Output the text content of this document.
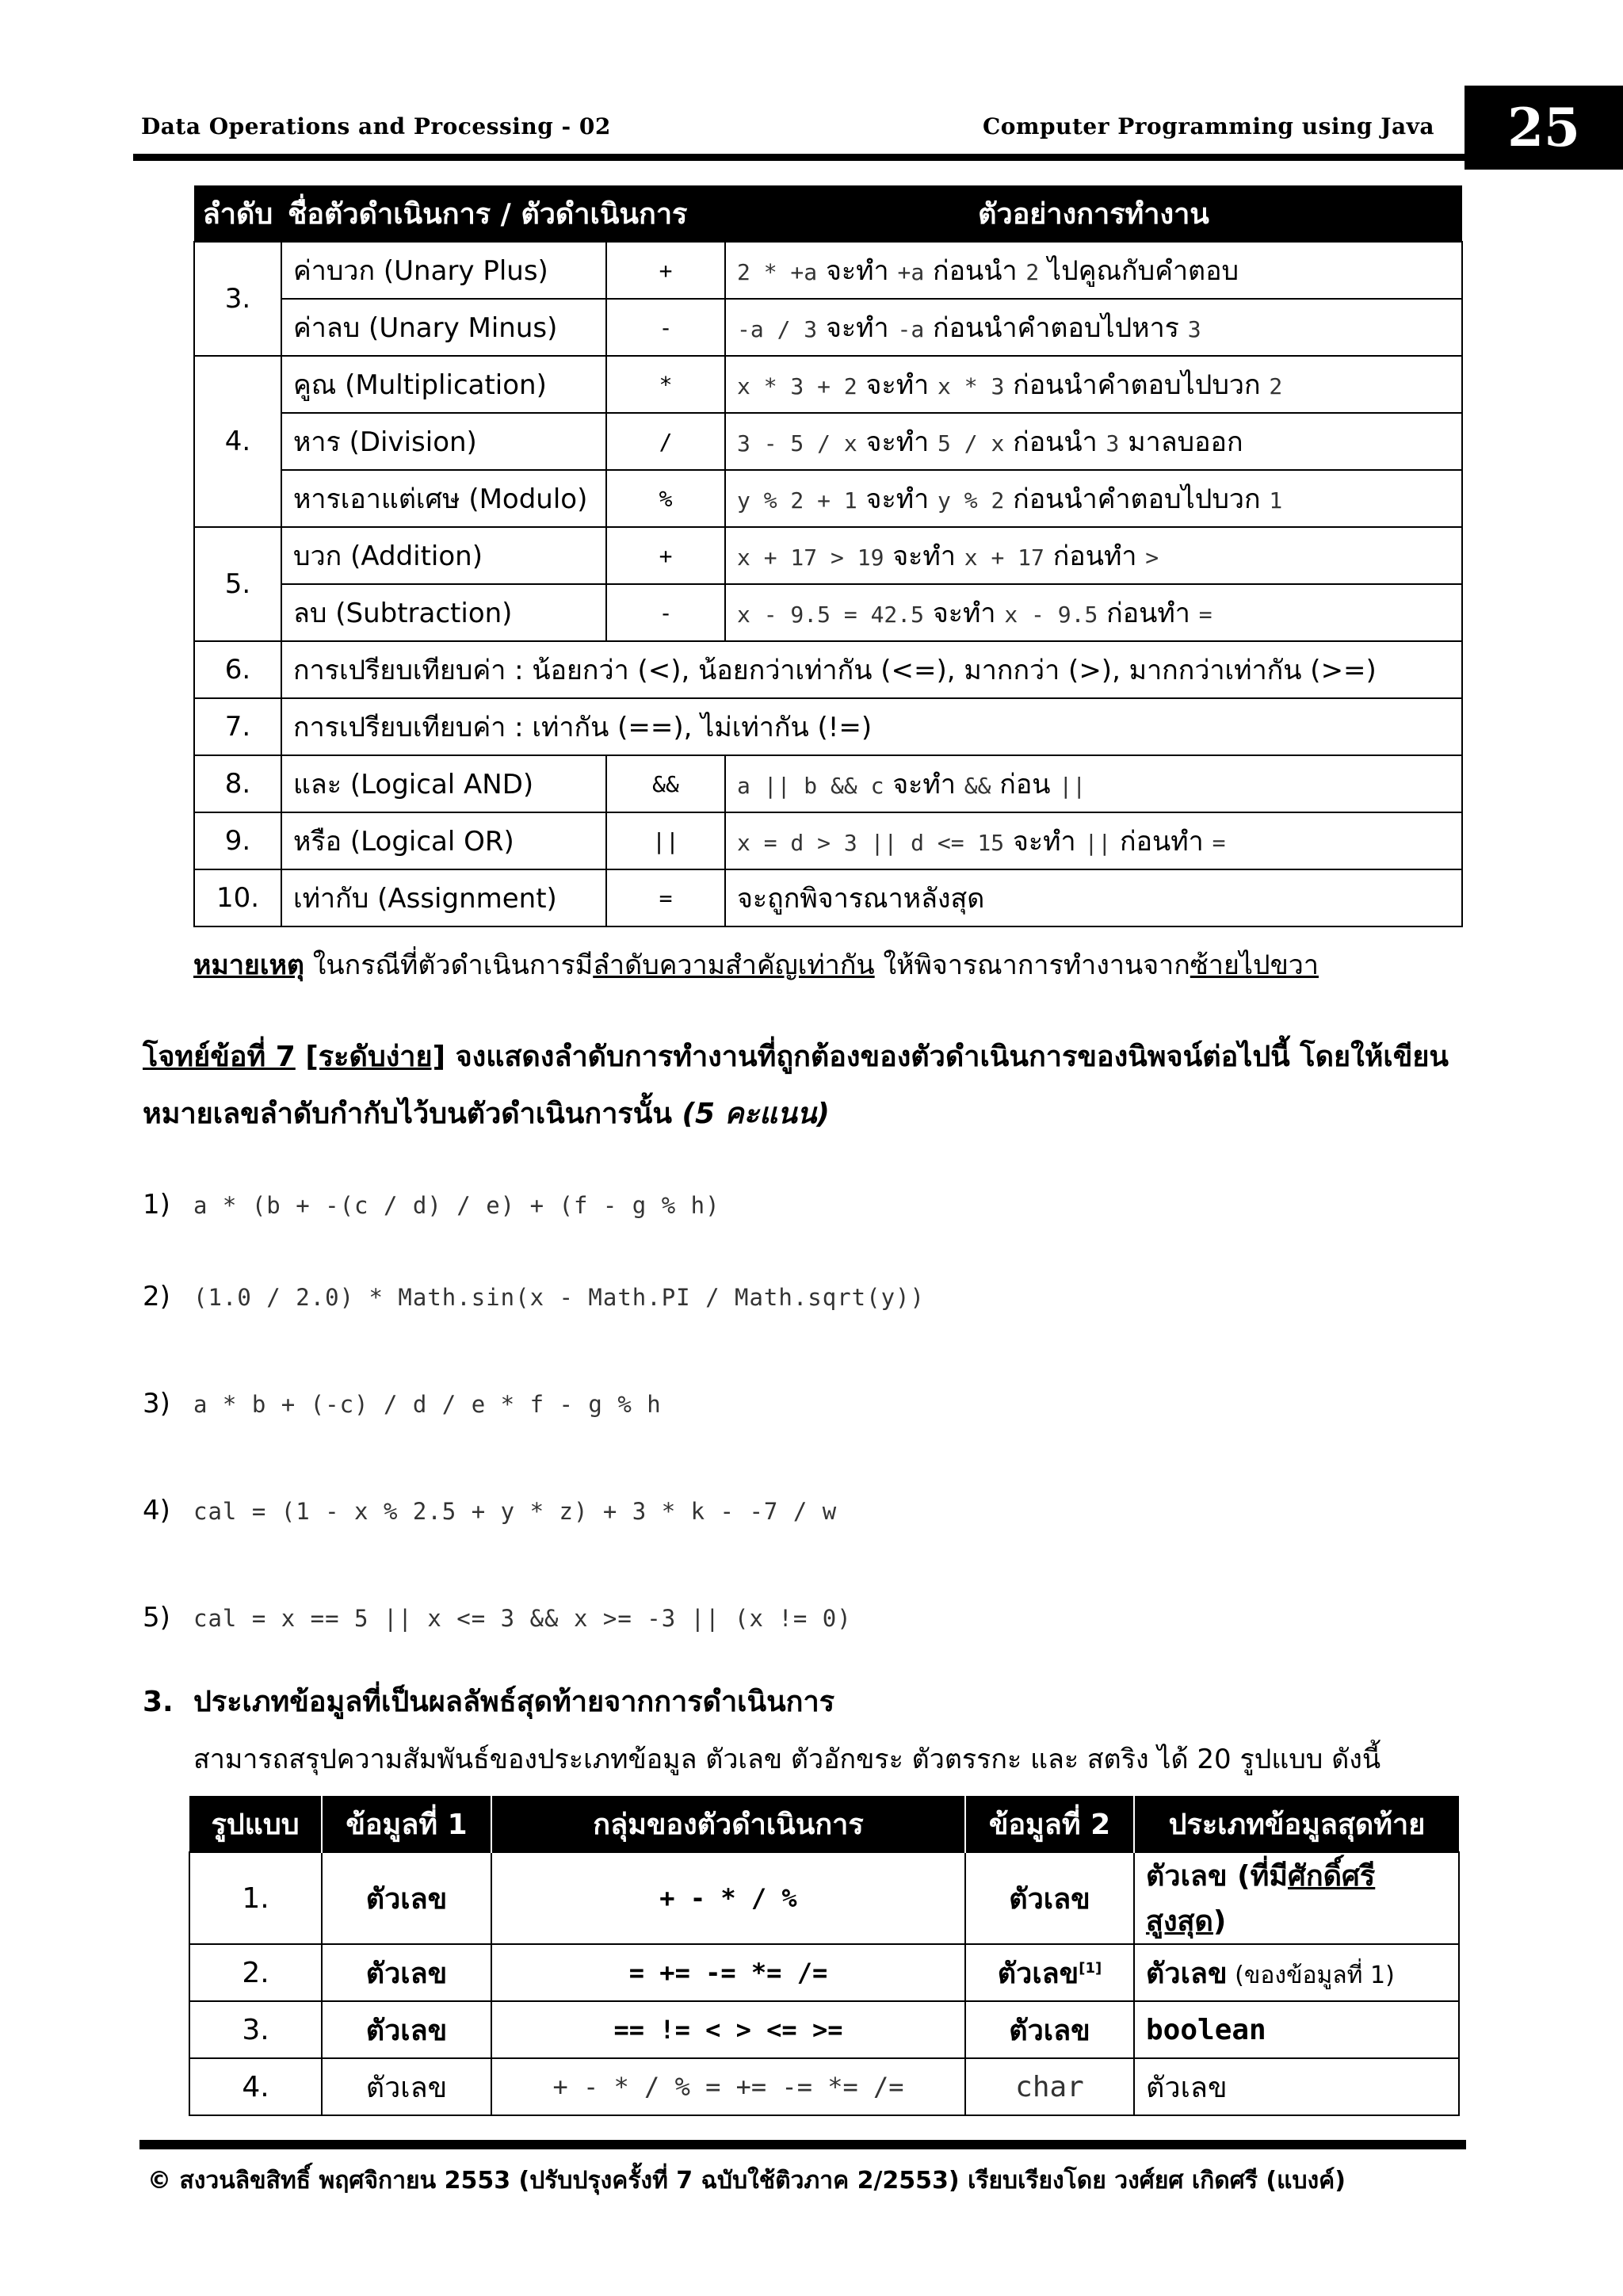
Data Operations and Processing - 02	Computer Programming using Java	25
ลำดับ	ชื่อตัวดำเนินการ / ตัวดำเนินการ		ตัวอย่างการทำงาน
3.	ค่าบวก (Unary Plus)	+	2 * +a จะทำ +a ก่อนนำ 2 ไปคูณกับคำตอบ
	ค่าลบ (Unary Minus)	-	-a / 3 จะทำ -a ก่อนนำคำตอบไปหาร 3
4.	คูณ (Multiplication)	*	x * 3 + 2 จะทำ x * 3 ก่อนนำคำตอบไปบวก 2
	หาร (Division)	/	3 - 5 / x จะทำ 5 / x ก่อนนำ 3 มาลบออก
	หารเอาแต่เศษ (Modulo)	%	y % 2 + 1 จะทำ y % 2 ก่อนนำคำตอบไปบวก 1
5.	บวก (Addition)	+	x + 17 > 19 จะทำ x + 17 ก่อนทำ >
	ลบ (Subtraction)	-	x - 9.5 = 42.5 จะทำ x - 9.5 ก่อนทำ =
6.	การเปรียบเทียบค่า : น้อยกว่า (<), น้อยกว่าเท่ากัน (<=), มากกว่า (>), มากกว่าเท่ากัน (>=)		
7.	การเปรียบเทียบค่า : เท่ากัน (==), ไม่เท่ากัน (!=)		
8.	และ (Logical AND)	&&	a || b && c จะทำ && ก่อน ||
9.	หรือ (Logical OR)	||	x = d > 3 || d <= 15 จะทำ || ก่อนทำ =
10.	เท่ากับ (Assignment)	=	จะถูกพิจารณาหลังสุด
หมายเหตุ ในกรณีที่ตัวดำเนินการมีลำดับความสำคัญเท่ากัน ให้พิจารณาการทำงานจากซ้ายไปขวา
โจทย์ข้อที่ 7 [ระดับง่าย] จงแสดงลำดับการทำงานที่ถูกต้องของตัวดำเนินการของนิพจน์ต่อไปนี้ โดยให้เขียนหมายเลขลำดับกำกับไว้บนตัวดำเนินการนั้น (5 คะแนน)
1) a * (b + -(c / d) / e) + (f - g % h)
2) (1.0 / 2.0) * Math.sin(x - Math.PI / Math.sqrt(y))
3) a * b + (-c) / d / e * f - g % h
4) cal = (1 - x % 2.5 + y * z) + 3 * k - -7 / w
5) cal = x == 5 || x <= 3 && x >= -3 || (x != 0)
3. ประเภทข้อมูลที่เป็นผลลัพธ์สุดท้ายจากการดำเนินการ
สามารถสรุปความสัมพันธ์ของประเภทข้อมูล ตัวเลข ตัวอักขระ ตัวตรรกะ และ สตริง ได้ 20 รูปแบบ ดังนี้
รูปแบบ	ข้อมูลที่ 1	กลุ่มของตัวดำเนินการ	ข้อมูลที่ 2	ประเภทข้อมูลสุดท้าย
1.	ตัวเลข	+ - * / %	ตัวเลข	ตัวเลข (ที่มีศักดิ์ศรีสูงสุด)
2.	ตัวเลข	= += -= *= /=	ตัวเลข[1]	ตัวเลข (ของข้อมูลที่ 1)
3.	ตัวเลข	== != < > <= >=	ตัวเลข	boolean
4.	ตัวเลข	+ - * / % = += -= *= /=	char	ตัวเลข
© สงวนลิขสิทธิ์ พฤศจิกายน 2553 (ปรับปรุงครั้งที่ 7 ฉบับใช้ติวภาค 2/2553) เรียบเรียงโดย วงศ์ยศ เกิดศรี (แบงค์)
